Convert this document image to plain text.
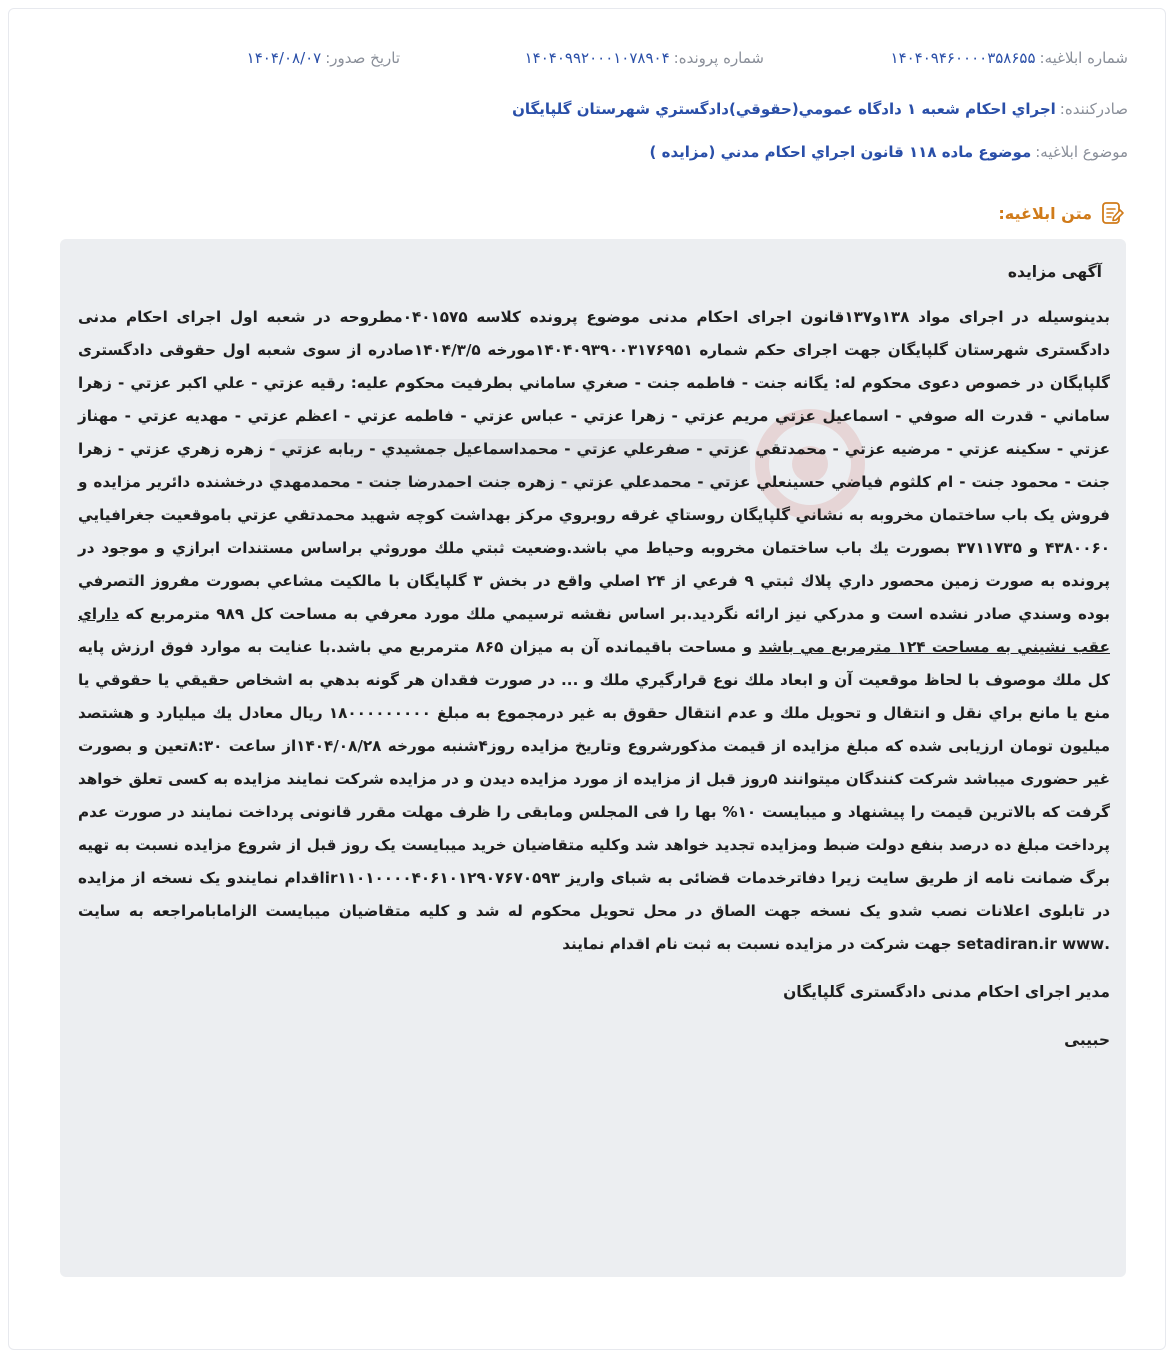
شماره ابلاغيه:
۱۴۰۴۰۹۴۶۰۰۰۰۳۵۸۶۵۵
شماره پرونده:
۱۴۰۴۰۹۹۲۰۰۰۱۰۷۸۹۰۴
تاريخ صدور:
۱۴۰۴/۰۸/۰۷
صادرکننده:
اجراي احکام شعبه ۱ دادگاه عمومي(حقوقي)دادگستري شهرستان گلپايگان
موضوع ابلاغيه:
موضوع ماده ۱۱۸ قانون اجراي احکام مدني (مزايده )
متن ابلاغيه:
آگهی مزایده

بدینوسیله در اجرای مواد ۱۳۸و۱۳۷قانون اجرای احکام مدنی موضوع پرونده کلاسه ۰۴۰۱۵۷۵مطروحه در شعبه اول اجرای احکام مدنی دادگستری شهرستان گلپایگان جهت اجرای حکم شماره ۱۴۰۴۰۹۳۹۰۰۳۱۷۶۹۵۱مورخه ۱۴۰۴/۳/۵صادره از سوی شعبه اول حقوقی دادگستری گلپایگان در خصوص دعوی محکوم له: يگانه جنت - فاطمه جنت - صغري ساماني بطرفيت محکوم علیه: رقيه عزتي - علي اکبر عزتي - زهرا ساماني - قدرت اله صوفي - اسماعيل عزتي مريم عزتي - زهرا عزتي - عباس عزتي - فاطمه عزتي - اعظم عزتي - مهديه عزتي - مهناز عزتي - سکينه عزتي - مرضيه عزتي - محمدتقي عزتي - صفرعلي عزتي - محمداسماعيل جمشيدي - ربابه عزتي - زهره زهري عزتي - زهرا جنت - محمود جنت - ام کلثوم فياضي حسينعلي عزتي - محمدعلي عزتي - زهره جنت احمدرضا جنت - محمدمهدي درخشنده دائرير مزايده و فروش يک باب ساختمان مخروبه به نشاني گلپايگان روستاي غرقه روبروي مرکز بهداشت کوچه شهيد محمدتقي عزتي باموقعيت جغرافيايي ۴۳۸۰۰۶۰ و ۳۷۱۱۷۳۵ بصورت يك باب ساختمان مخروبه وحياط مي باشد.وضعيت ثبتي ملك موروثي براساس مستندات ابرازي و موجود در پرونده به صورت زمين محصور داري پلاك ثبتي ۹ فرعي از ۲۴ اصلي واقع در بخش ۳ گلپايگان با مالكيت مشاعي بصورت مفروز التصرفي بوده وسندي صادر نشده است و مدركي نيز ارائه نگرديد.بر اساس نقشه ترسيمي ملك مورد معرفي به مساحت كل ۹۸۹ مترمربع كه داراي عقب نشيني به مساحت ۱۲۴ مترمربع مي باشد و مساحت باقيمانده آن به ميزان ۸۶۵ مترمربع مي باشد.با عنايت به موارد فوق ارزش پايه كل ملك موصوف با لحاظ موقعيت آن و ابعاد ملك نوع قرارگيري ملك و ... در صورت فقدان هر گونه بدهي به اشخاص حقيقي يا حقوقي يا منع يا مانع براي نقل و انتقال و تحويل ملك و عدم انتقال حقوق به غير درمجموع به مبلغ ۱۸۰۰۰۰۰۰۰۰۰ ريال معادل يك ميليارد و هشتصد ميليون تومان ارزيابی شده که مبلغ مزايده از قيمت مذكورشروع وتاريخ مزايده روز۴شنبه مورخه ۱۴۰۴/۰۸/۲۸از ساعت ۸:۳۰تعين و بصورت غير حضوری ميباشد شرکت کنندگان ميتوانند ۵روز قبل از مزايده از مورد مزايده ديدن و در مزايده شرکت نمايند مزايده به کسی تعلق خواهد گرفت که بالاترين قيمت را پيشنهاد و ميبايست ۱۰% بها را فی المجلس ومابقی را ظرف مهلت مقرر قانونی پرداخت نمايند در صورت عدم پرداخت مبلغ ده درصد بنفع دولت ضبط ومزايده تجديد خواهد شد وکليه متقاضيان خريد ميبايست يک روز قبل از شروع مزايده نسبت به تهيه برگ ضمانت نامه از طريق سايت زيرا دفاترخدمات قضائی به شبای واريز ir۱۱۰۱۰۰۰۰۴۰۶۱۰۱۲۹۰۷۶۷۰۵۹۳اقدام نمايندو يک نسخه از مزايده در تابلوی اعلانات نصب شدو يک نسخه جهت الصاق در محل تحويل محکوم له شد و کليه متقاضيان ميبايست الزامابامراجعه به سايت .setadiran.ir www جهت شرکت در مزايده نسبت به ثبت نام اقدام نمايند

مدير اجرای احکام مدنی دادگستری گلپايگان
حبيبی
